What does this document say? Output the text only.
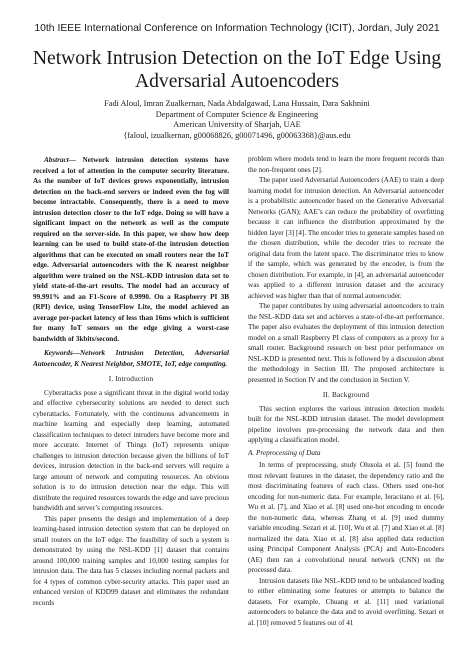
10th IEEE International Conference on Information Technology (ICIT), Jordan, July 2021
Network Intrusion Detection on the IoT Edge Using
Adversarial Autoencoders
Fadi Aloul, Imran Zualkernan, Nada Abdalgawad, Lana Hussain, Dara Sakhnini
Department of Computer Science & Engineering
American University of Sharjah, UAE
{faloul, izualkernan, g00068826, g00071496, g00063368}@aus.edu

Abstract— Network intrusion detection systems have received a lot of attention in the computer security literature. As the number of IoT devices grows exponentially, intrusion detection on the back-end servers or indeed even the fog will become intractable. Consequently, there is a need to move intrusion detection closer to the IoT edge. Doing so will have a significant impact on the network as well as the compute required on the server-side. In this paper, we show how deep learning can be used to build state-of-the intrusion detection algorithms that can be executed on small routers near the IoT edge. Adversarial autoencoders with the K nearest neighbor algorithm were trained on the NSL-KDD intrusion data set to yield state-of-the-art results. The model had an accuracy of 99.991% and an F1-Score of 0.9990. On a Raspberry PI 3B (RPI) device, using TensorFlow Lite, the model achieved an average per-packet latency of less than 16ms which is sufficient for many IoT sensors on the edge giving a worst-case bandwidth of 3kbits/second.

Keywords—Network Intrusion Detection, Adversarial Autoencoder, K Nearest Neighbor, SMOTE, IoT, edge computing.

I. Introduction

Cyberattacks pose a significant threat in the digital world today and effective cybersecurity solutions are needed to detect such cyberattacks. Fortunately, with the continuous advancements in machine learning and especially deep learning, automated classification techniques to detect intruders have become more and more accurate. Internet of Things (IoT) represents unique challenges to intrusion detection because given the billions of IoT devices, intrusion detection in the back-end servers will require a large amount of network and computing resources. An obvious solution is to do intrusion detection near the edge. This will distribute the required resources towards the edge and save precious bandwidth and server’s computing resources.

This paper presents the design and implementation of a deep learning-based intrusion detection system that can be deployed on small routers on the IoT edge. The feasibility of such a system is demonstrated by using the NSL-KDD [1] dataset that contains around 100,000 training samples and 10,000 testing samples for intrusion data. The data has 5 classes including normal packets and for 4 types of common cyber-security attacks. This paper used an enhanced version of KDD99 dataset and eliminates the redundant records

problem where models tend to learn the more frequent records than the non-frequent ones [2].

The paper used Adversarial Autoencoders (AAE) to train a deep learning model for intrusion detection. An Adversarial autoencoder is a probabilistic autoencoder based on the Generative Adversarial Networks (GAN); AAE’s can reduce the probability of overfitting because it can influence the distribution approximated by the hidden layer [3] [4]. The encoder tries to generate samples based on the chosen distribution, while the decoder tries to recreate the original data from the latent space. The discriminator tries to know if the sample, which was generated by the encoder, is from the chosen distribution. For example, in [4], an adversarial autoencoder was applied to a different intrusion dataset and the accuracy achieved was higher than that of normal autoencoder.

The paper contributes by using adversarial autoencoders to train the NSL-KDD data set and achieves a state-of-the-art performance. The paper also evaluates the deployment of this intrusion detection model on a small Raspberry PI class of computers as a proxy for a small router. Background research on best prior performance on NSL-KDD is presented next. This is followed by a discussion about the methodology in Section III. The proposed architecture is presented in Section IV and the conclusion in Section V.

II. Background

This section explores the various intrusion detection models built for the NSL-KDD intrusion dataset. The model development pipeline involves pre-processing the network data and then applying a classification model.

A. Preprocessing of Data

In terms of preprocessing, study Olusola et al. [5] found the most relevant features in the dataset, the dependency ratio and the most discriminating features of each class. Others used one-hot encoding for non-numeric data. For example, Ieracitano et al. [6], Wu et al. [7], and Xiao et al. [8] used one-hot encoding to encode the non-numeric data, whereas Zhang et al. [9] used dummy variable encoding. Sezari et al. [10], Wu et al. [7] and Xiao et al. [8] normalized the data. Xiao et al. [8] also applied data reduction using Principal Component Analysis (PCA) and Auto-Encoders (AE) then ran a convolutional neural network (CNN) on the processed data.

Intrusion datasets like NSL-KDD tend to be unbalanced leading to either eliminating some features or attempts to balance the datasets. For example, Chuang et al. [11] used variational autoencoders to balance the data and to avoid overfitting. Sezari et al. [10] removed 5 features out of 41
